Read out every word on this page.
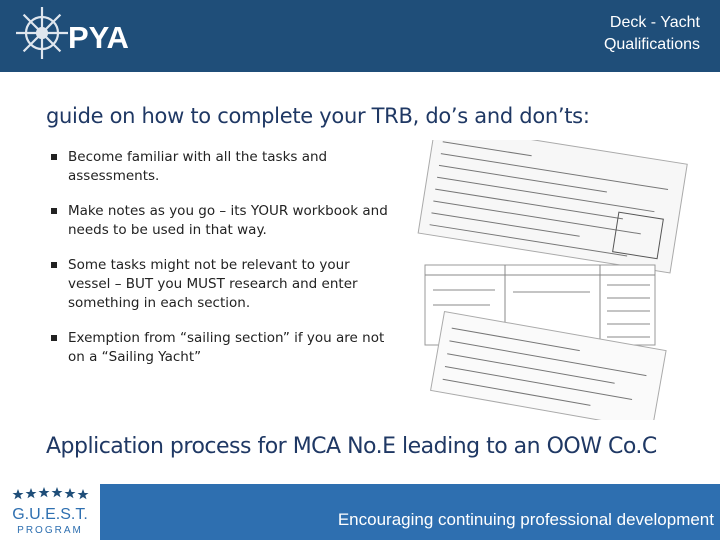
PYA	Deck - Yacht
Qualifications
guide on how to complete your TRB, do’s and don’ts:
Become familiar with all the tasks and assessments.
Make notes as you go – its YOUR workbook and needs to be used in that way.
Some tasks might not be relevant to your vessel – BUT you MUST research and enter something in each section.
Exemption from “sailing section” if you are not on a “Sailing Yacht”
Application process for MCA No.E leading to an OOW Co.C
G.U.E.S.T.
PROGRAM
Encouraging continuing professional development
